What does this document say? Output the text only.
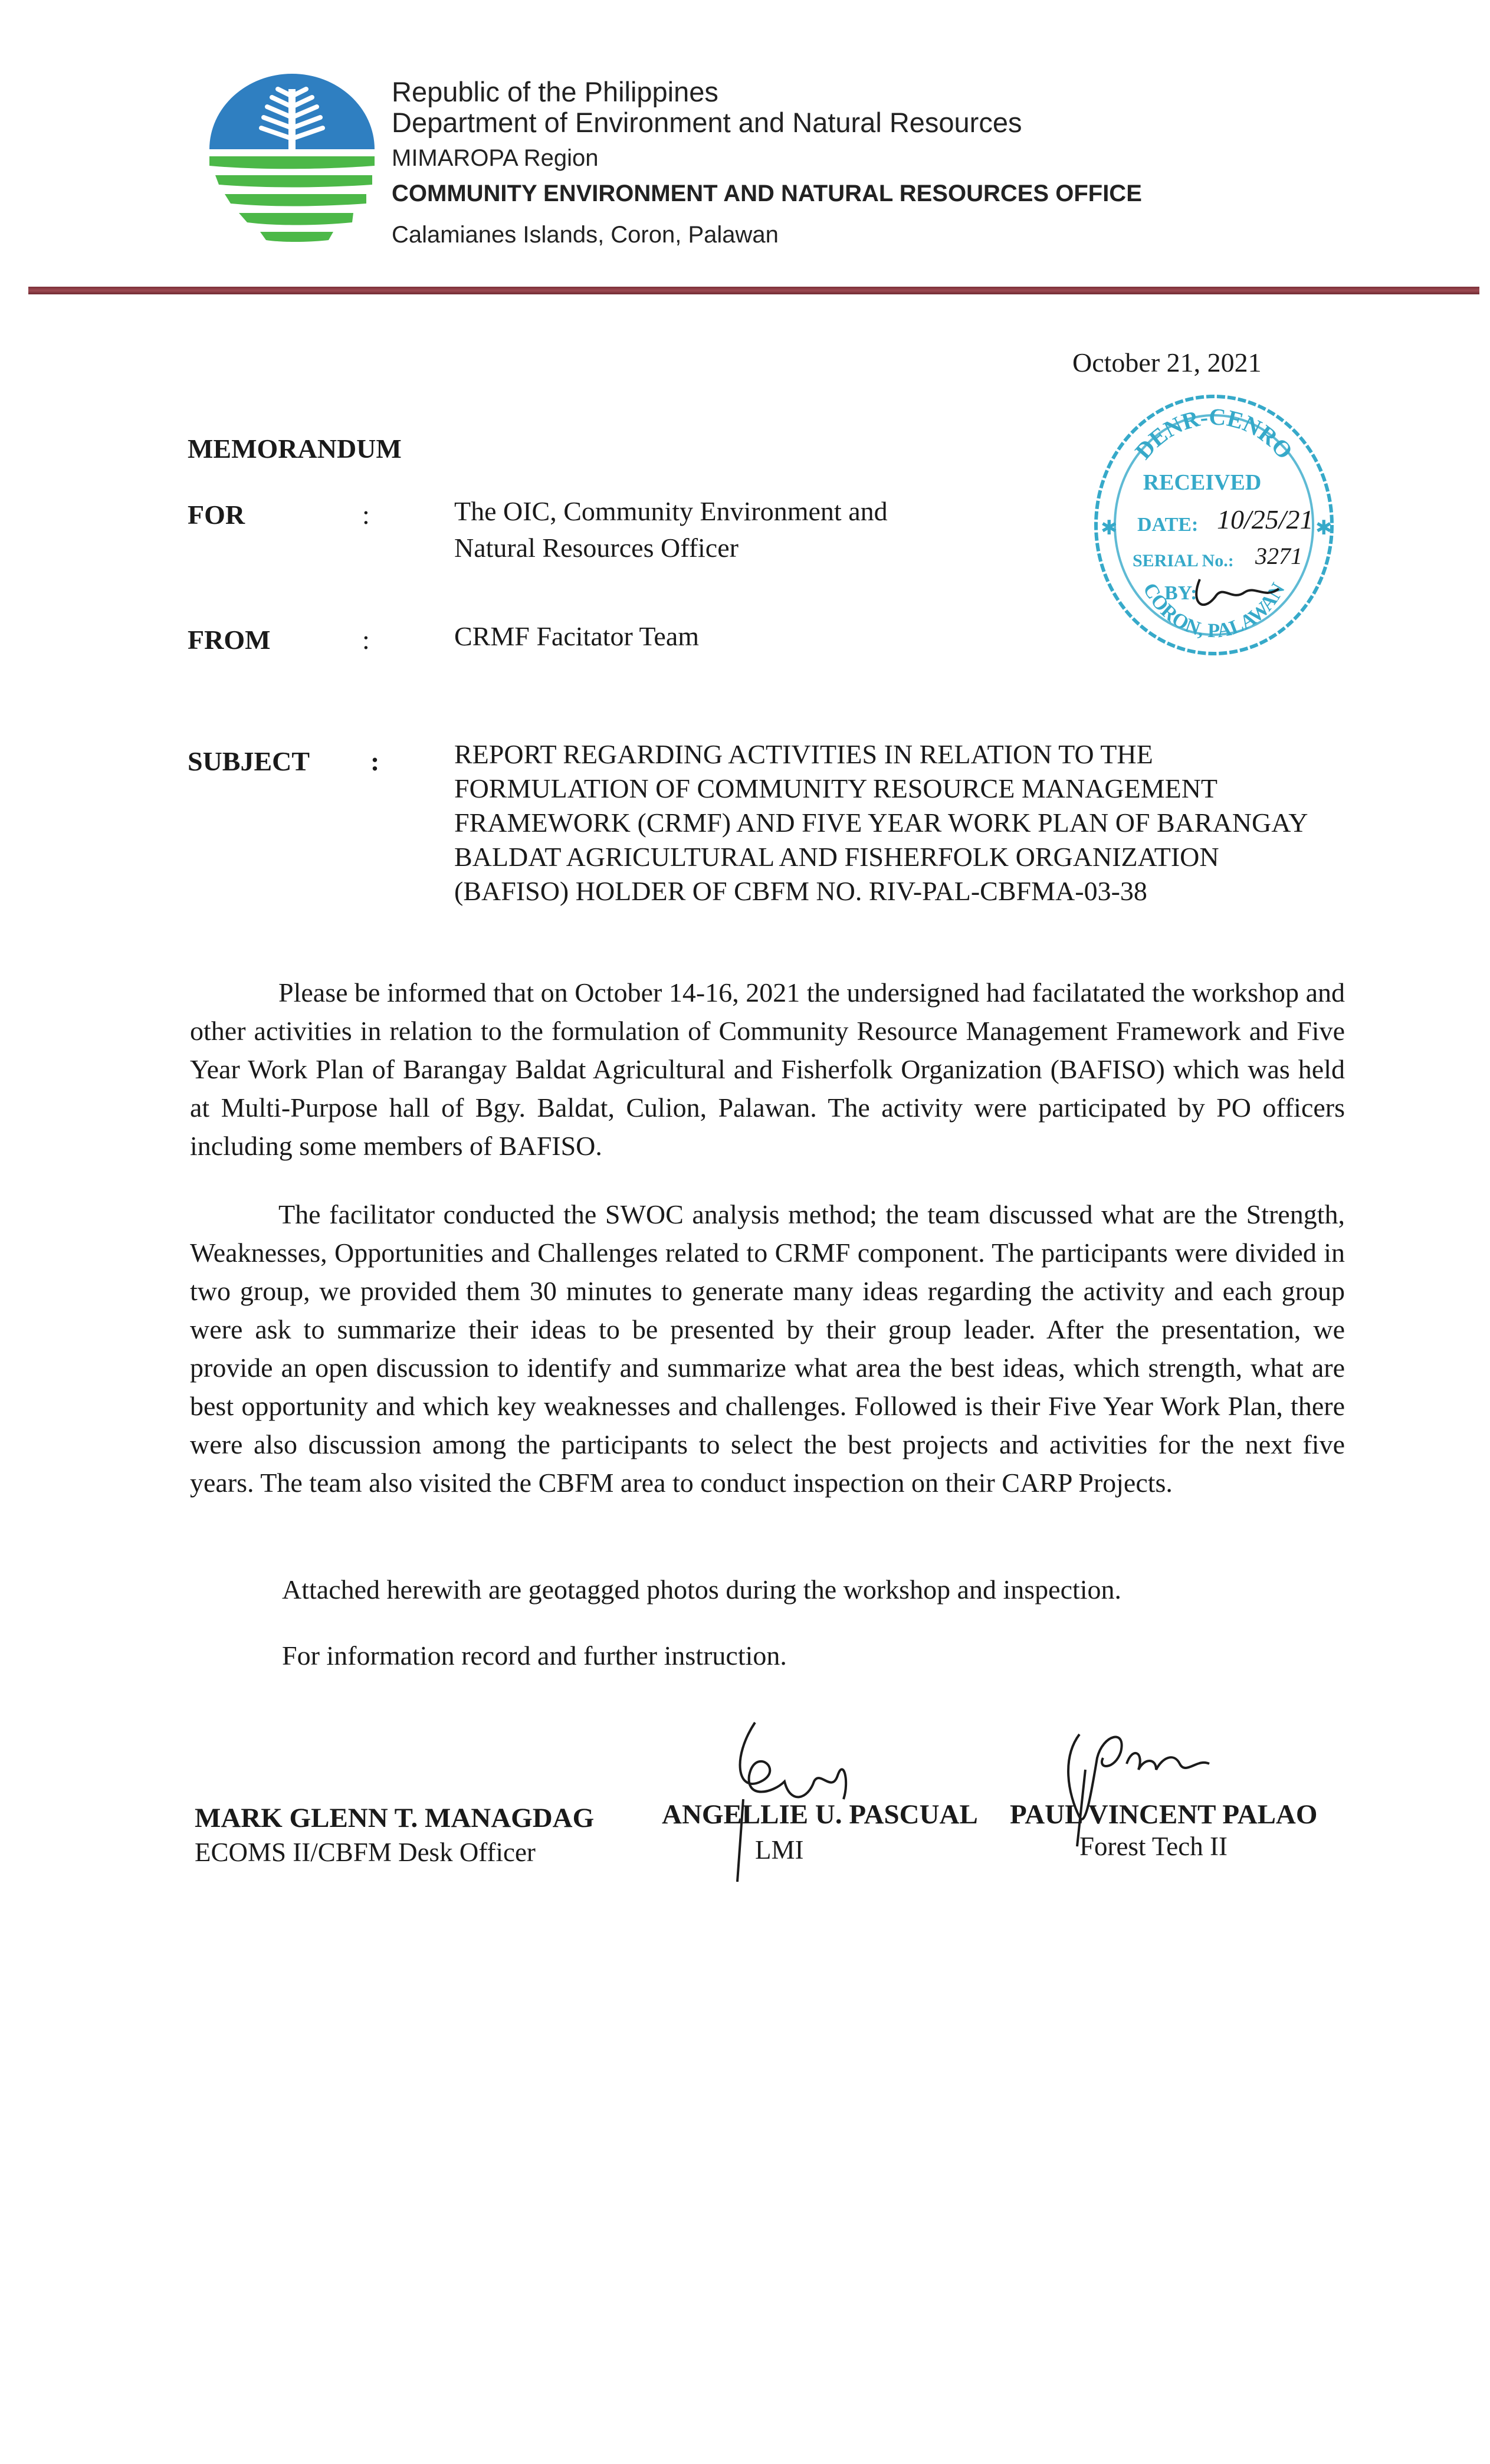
Republic of the Philippines
Department of Environment and Natural Resources
MIMAROPA Region
COMMUNITY ENVIRONMENT AND NATURAL RESOURCES OFFICE
Calamianes Islands, Coron, Palawan
DENR-CENRO
CORON, PALAWAN
RECEIVED
DATE: 10/25/21
SERIAL No.: 3271
BY:
✱	✱
October 21, 2021
MEMORANDUM
FOR	:	The OIC, Community Environment and Natural Resources Officer
FROM	:	CRMF Facitator Team
SUBJECT :	REPORT REGARDING ACTIVITIES IN RELATION TO THE FORMULATION OF COMMUNITY RESOURCE MANAGEMENT FRAMEWORK (CRMF) AND FIVE YEAR WORK PLAN OF BARANGAY BALDAT AGRICULTURAL AND FISHERFOLK ORGANIZATION (BAFISO) HOLDER OF CBFM NO. RIV-PAL-CBFMA-03-38
Please be informed that on October 14-16, 2021 the undersigned had facilatated the workshop and other activities in relation to the formulation of Community Resource Management Framework and Five Year Work Plan of Barangay Baldat Agricultural and Fisherfolk Organization (BAFISO) which was held at Multi-Purpose hall of Bgy. Baldat, Culion, Palawan. The activity were participated by PO officers including some members of BAFISO.
The facilitator conducted the SWOC analysis method; the team discussed what are the Strength, Weaknesses, Opportunities and Challenges related to CRMF component. The participants were divided in two group, we provided them 30 minutes to generate many ideas regarding the activity and each group were ask to summarize their ideas to be presented by their group leader. After the presentation, we provide an open discussion to identify and summarize what area the best ideas, which strength, what are best opportunity and which key weaknesses and challenges. Followed is their Five Year Work Plan, there were also discussion among the participants to select the best projects and activities for the next five years. The team also visited the CBFM area to conduct inspection on their CARP Projects.
Attached herewith are geotagged photos during the workshop and inspection.
For information record and further instruction.
MARK GLENN T. MANAGDAG
ECOMS II/CBFM Desk Officer
ANGELLIE U. PASCUAL
LMI
PAUL VINCENT PALAO
Forest Tech II
